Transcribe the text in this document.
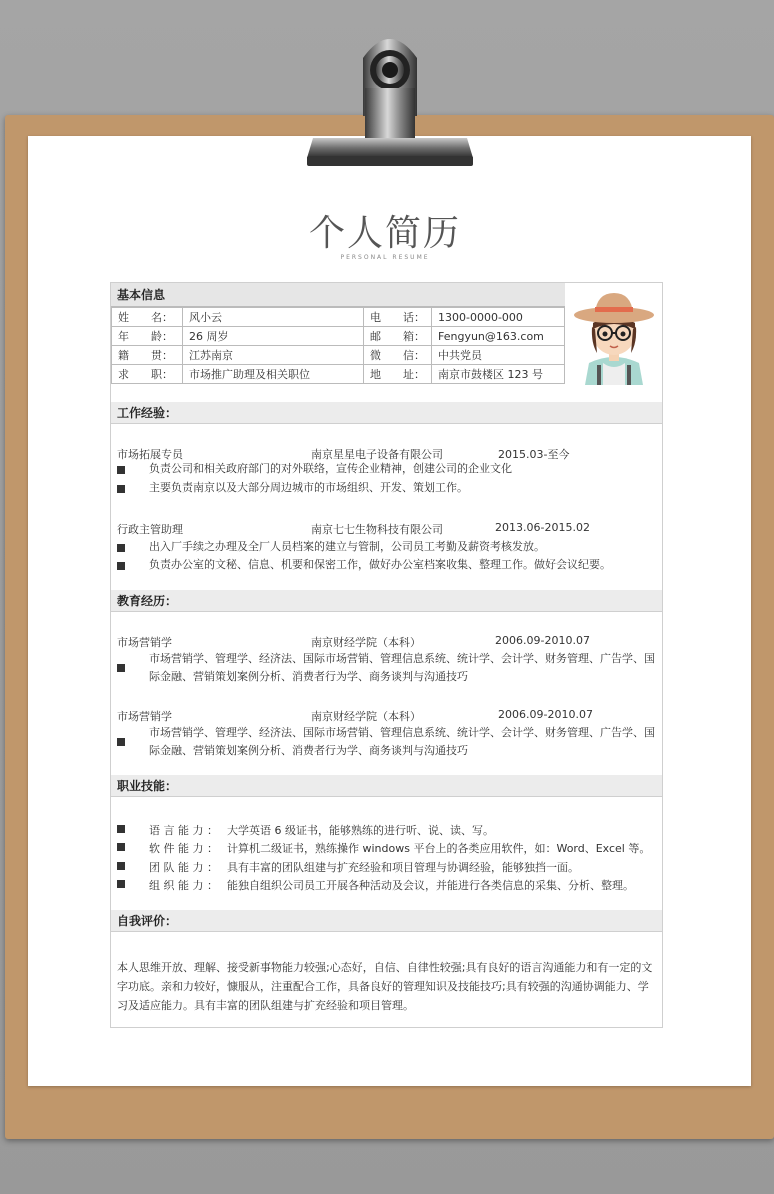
个人简历
PERSONAL RESUME
基本信息
姓　　名：	风小云	电　　话：	1300-0000-000
年　　龄：	26 周岁	邮　　箱：	Fengyun@163.com
籍　　贯：	江苏南京	微　　信：	中共党员
求　　职：	市场推广助理及相关职位	地　　址：	南京市鼓楼区 123 号
工作经验：
市场拓展专员	南京星星电子设备有限公司	2015.03-至今
负责公司和相关政府部门的对外联络，宣传企业精神，创建公司的企业文化
主要负责南京以及大部分周边城市的市场组织、开发、策划工作。
行政主管助理	南京七七生物科技有限公司	2013.06-2015.02
出入厂手续之办理及全厂人员档案的建立与管制，公司员工考勤及薪资考核发放。
负责办公室的文秘、信息、机要和保密工作，做好办公室档案收集、整理工作。做好会议纪要。
教育经历：
市场营销学	南京财经学院（本科）	2006.09-2010.07
市场营销学、管理学、经济法、国际市场营销、管理信息系统、统计学、会计学、财务管理、广告学、国际金融、营销策划案例分析、消费者行为学、商务谈判与沟通技巧
市场营销学	南京财经学院（本科）	2006.09-2010.07
市场营销学、管理学、经济法、国际市场营销、管理信息系统、统计学、会计学、财务管理、广告学、国际金融、营销策划案例分析、消费者行为学、商务谈判与沟通技巧
职业技能：
语 言 能 力 ： 大学英语 6 级证书，能够熟练的进行听、说、读、写。
软 件 能 力 ： 计算机二级证书，熟练操作 windows 平台上的各类应用软件，如：Word、Excel 等。
团 队 能 力 ： 具有丰富的团队组建与扩充经验和项目管理与协调经验，能够独挡一面。
组 织 能 力 ： 能独自组织公司员工开展各种活动及会议，并能进行各类信息的采集、分析、整理。
自我评价：
本人思维开放、理解、接受新事物能力较强;心态好，自信、自律性较强;具有良好的语言沟通能力和有一定的文字功底。亲和力较好，慷服从，注重配合工作，具备良好的管理知识及技能技巧;具有较强的沟通协调能力、学习及适应能力。具有丰富的团队组建与扩充经验和项目管理。
